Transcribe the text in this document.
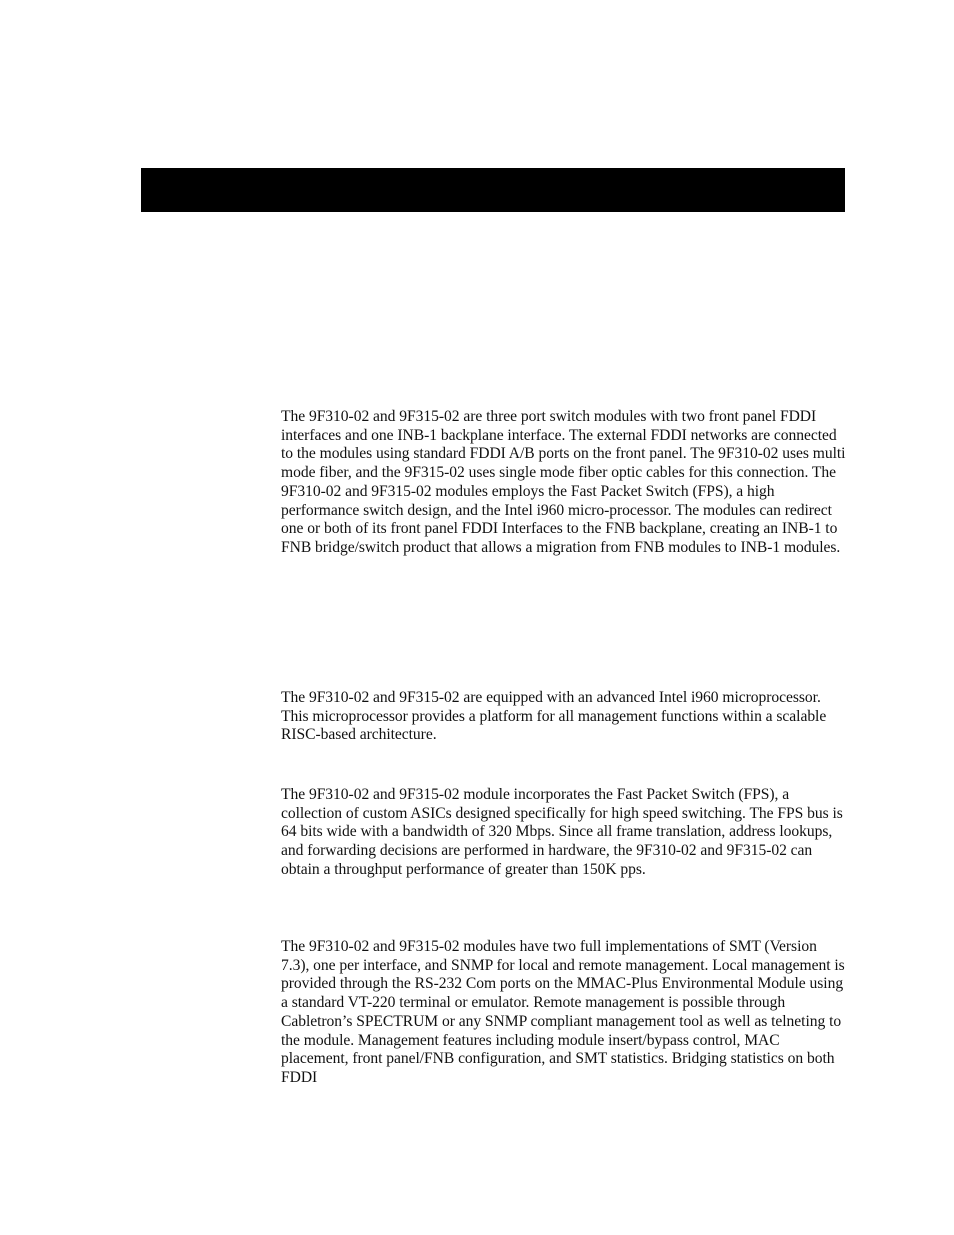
The 9F310-02 and 9F315-02 are three port switch modules with two front panel FDDI interfaces and one INB-1 backplane interface. The external FDDI networks are connected to the modules using standard FDDI A/B ports on the front panel. The 9F310-02 uses multi mode fiber, and the 9F315-02 uses single mode fiber optic cables for this connection. The 9F310-02 and 9F315-02 modules employs the Fast Packet Switch (FPS), a high performance switch design, and the Intel i960 micro-processor. The modules can redirect one or both of its front panel FDDI Interfaces to the FNB backplane, creating an INB-1 to FNB bridge/switch product that allows a migration from FNB modules to INB-1 modules.

The 9F310-02 and 9F315-02 are equipped with an advanced Intel i960 microprocessor. This microprocessor provides a platform for all management functions within a scalable RISC-based architecture.

The 9F310-02 and 9F315-02 module incorporates the Fast Packet Switch (FPS), a collection of custom ASICs designed specifically for high speed switching. The FPS bus is 64 bits wide with a bandwidth of 320 Mbps. Since all frame translation, address lookups, and forwarding decisions are performed in hardware, the 9F310-02 and 9F315-02 can obtain a throughput performance of greater than 150K pps.

The 9F310-02 and 9F315-02 modules have two full implementations of SMT (Version 7.3), one per interface, and SNMP for local and remote management. Local management is provided through the RS-232 Com ports on the MMAC-Plus Environmental Module using a standard VT-220 terminal or emulator. Remote management is possible through Cabletron’s SPECTRUM or any SNMP compliant management tool as well as telneting to the module. Management features including module insert/bypass control, MAC placement, front panel/FNB configuration, and SMT statistics. Bridging statistics on both FDDI
